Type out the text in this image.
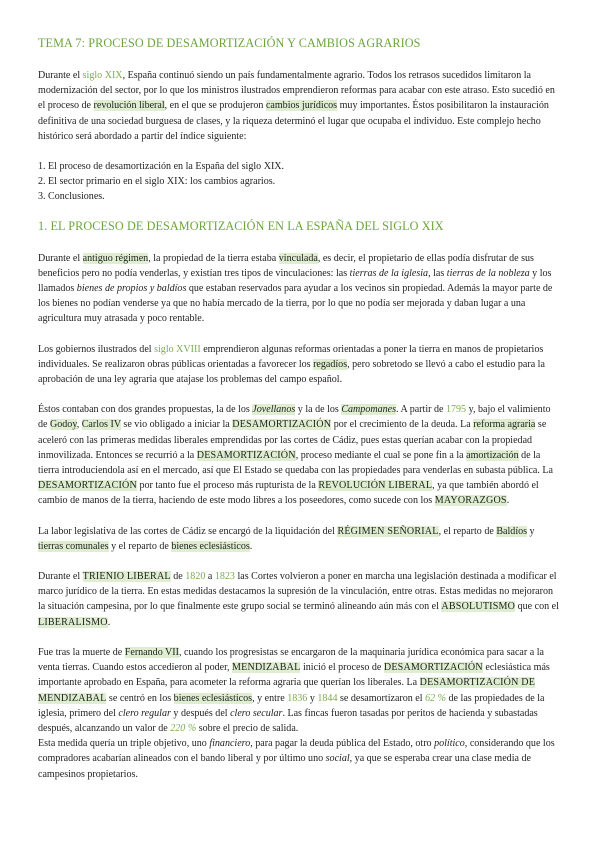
TEMA 7: PROCESO DE DESAMORTIZACIÓN Y CAMBIOS AGRARIOS

Durante el siglo XIX, España continuó siendo un país fundamentalmente agrario. Todos los retrasos sucedidos limitaron la modernización del sector, por lo que los ministros ilustrados emprendieron reformas para acabar con este atraso. Esto sucedió en el proceso de revolución liberal, en el que se produjeron cambios jurídicos muy importantes. Éstos posibilitaron la instauración definitiva de una sociedad burguesa de clases, y la riqueza determinó el lugar que ocupaba el individuo. Este complejo hecho histórico será abordado a partir del índice siguiente:

1. El proceso de desamortización en la España del siglo XIX.
2. El sector primario en el siglo XIX: los cambios agrarios.
3. Conclusiones.
1. EL PROCESO DE DESAMORTIZACIÓN EN LA ESPAÑA DEL SIGLO XIX

Durante el antiguo régimen, la propiedad de la tierra estaba vinculada, es decir, el propietario de ellas podía disfrutar de sus beneficios pero no podía venderlas, y existían tres tipos de vinculaciones: las tierras de la iglesia, las tierras de la nobleza y los llamados bienes de propios y baldíos que estaban reservados para ayudar a los vecinos sin propiedad. Además la mayor parte de los bienes no podían venderse ya que no había mercado de la tierra, por lo que no podía ser mejorada y daban lugar a una agricultura muy atrasada y poco rentable.

Los gobiernos ilustrados del siglo XVIII emprendieron algunas reformas orientadas a poner la tierra en manos de propietarios individuales. Se realizaron obras públicas orientadas a favorecer los regadíos, pero sobretodo se llevó a cabo el estudio para la aprobación de una ley agraria que atajase los problemas del campo español.

Éstos contaban con dos grandes propuestas, la de los Jovellanos y la de los Campomanes. A partir de 1795 y, bajo el valimiento de Godoy, Carlos IV se vio obligado a iniciar la DESAMORTIZACIÓN por el crecimiento de la deuda. La reforma agraria se aceleró con las primeras medidas liberales emprendidas por las cortes de Cádiz, pues estas querían acabar con la propiedad inmovilizada. Entonces se recurrió a la DESAMORTIZACIÓN, proceso mediante el cual se pone fin a la amortización de la tierra introduciendola así en el mercado, así que El Estado se quedaba con las propiedades para venderlas en subasta pública. La DESAMORTIZACIÓN por tanto fue el proceso más rupturista de la REVOLUCIÓN LIBERAL, ya que también abordó el cambio de manos de la tierra, haciendo de este modo libres a los poseedores, como sucede con los MAYORAZGOS.

La labor legislativa de las cortes de Cádiz se encargó de la liquidación del RÉGIMEN SEÑORIAL, el reparto de Baldíos y tierras comunales y el reparto de bienes eclesiásticos.

Durante el TRIENIO LIBERAL de 1820 a 1823 las Cortes volvieron a poner en marcha una legislación destinada a modificar el marco jurídico de la tierra. En estas medidas destacamos la supresión de la vinculación, entre otras. Estas medidas no mejoraron la situación campesina, por lo que finalmente este grupo social se terminó alineando aún más con el ABSOLUTISMO que con el LIBERALISMO.

Fue tras la muerte de Fernando VII, cuando los progresistas se encargaron de la maquinaria jurídica económica para sacar a la venta tierras. Cuando estos accedieron al poder, MENDIZABAL inició el proceso de DESAMORTIZACIÓN eclesiástica más importante aprobado en España, para acometer la reforma agraria que querían los liberales. La DESAMORTIZACIÓN DE MENDIZABAL se centró en los bienes eclesiásticos, y entre 1836 y 1844 se desamortizaron el 62 % de las propiedades de la iglesia, primero del clero regular y después del clero secular. Las fincas fueron tasadas por peritos de hacienda y subastadas después, alcanzando un valor de 220 % sobre el precio de salida.

Esta medida quería un triple objetivo, uno financiero, para pagar la deuda pública del Estado, otro político, considerando que los compradores acabarían alineados con el bando liberal y por último uno social, ya que se esperaba crear una clase media de campesinos propietarios.
